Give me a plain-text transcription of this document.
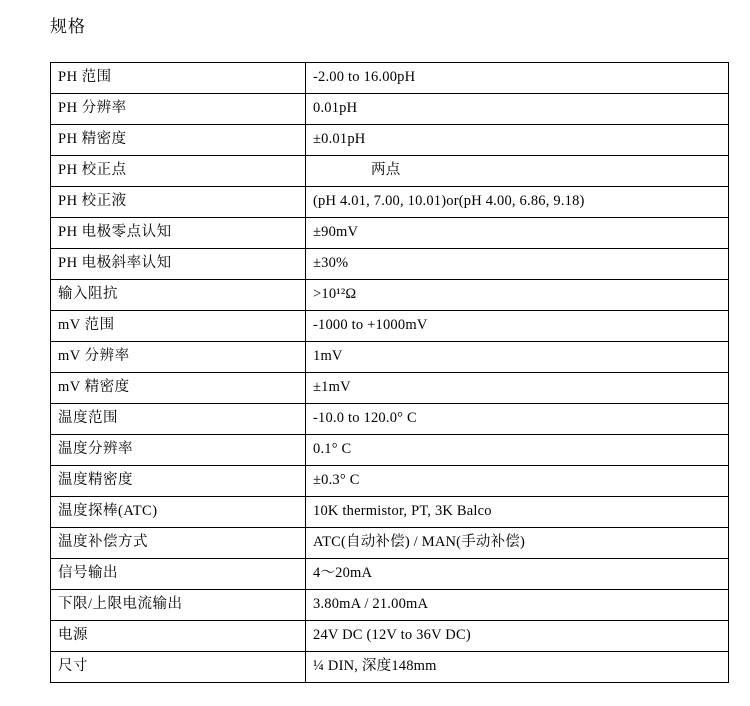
规格
PH 范围	-2.00 to 16.00pH
PH 分辨率	0.01pH
PH 精密度	±0.01pH
PH 校正点	两点
PH 校正液	(pH 4.01, 7.00, 10.01)or(pH 4.00, 6.86, 9.18)
PH 电极零点认知	±90mV
PH 电极斜率认知	±30%
输入阻抗	>10¹²Ω
mV 范围	-1000 to +1000mV
mV 分辨率	1mV
mV 精密度	±1mV
温度范围	-10.0 to 120.0° C
温度分辨率	0.1° C
温度精密度	±0.3° C
温度探棒(ATC)	10K thermistor, PT, 3K Balco
温度补偿方式	ATC(自动补偿) / MAN(手动补偿)
信号输出	4～20mA
下限/上限电流输出	3.80mA / 21.00mA
电源	24V DC (12V to 36V DC)
尺寸	¼ DIN, 深度148mm
